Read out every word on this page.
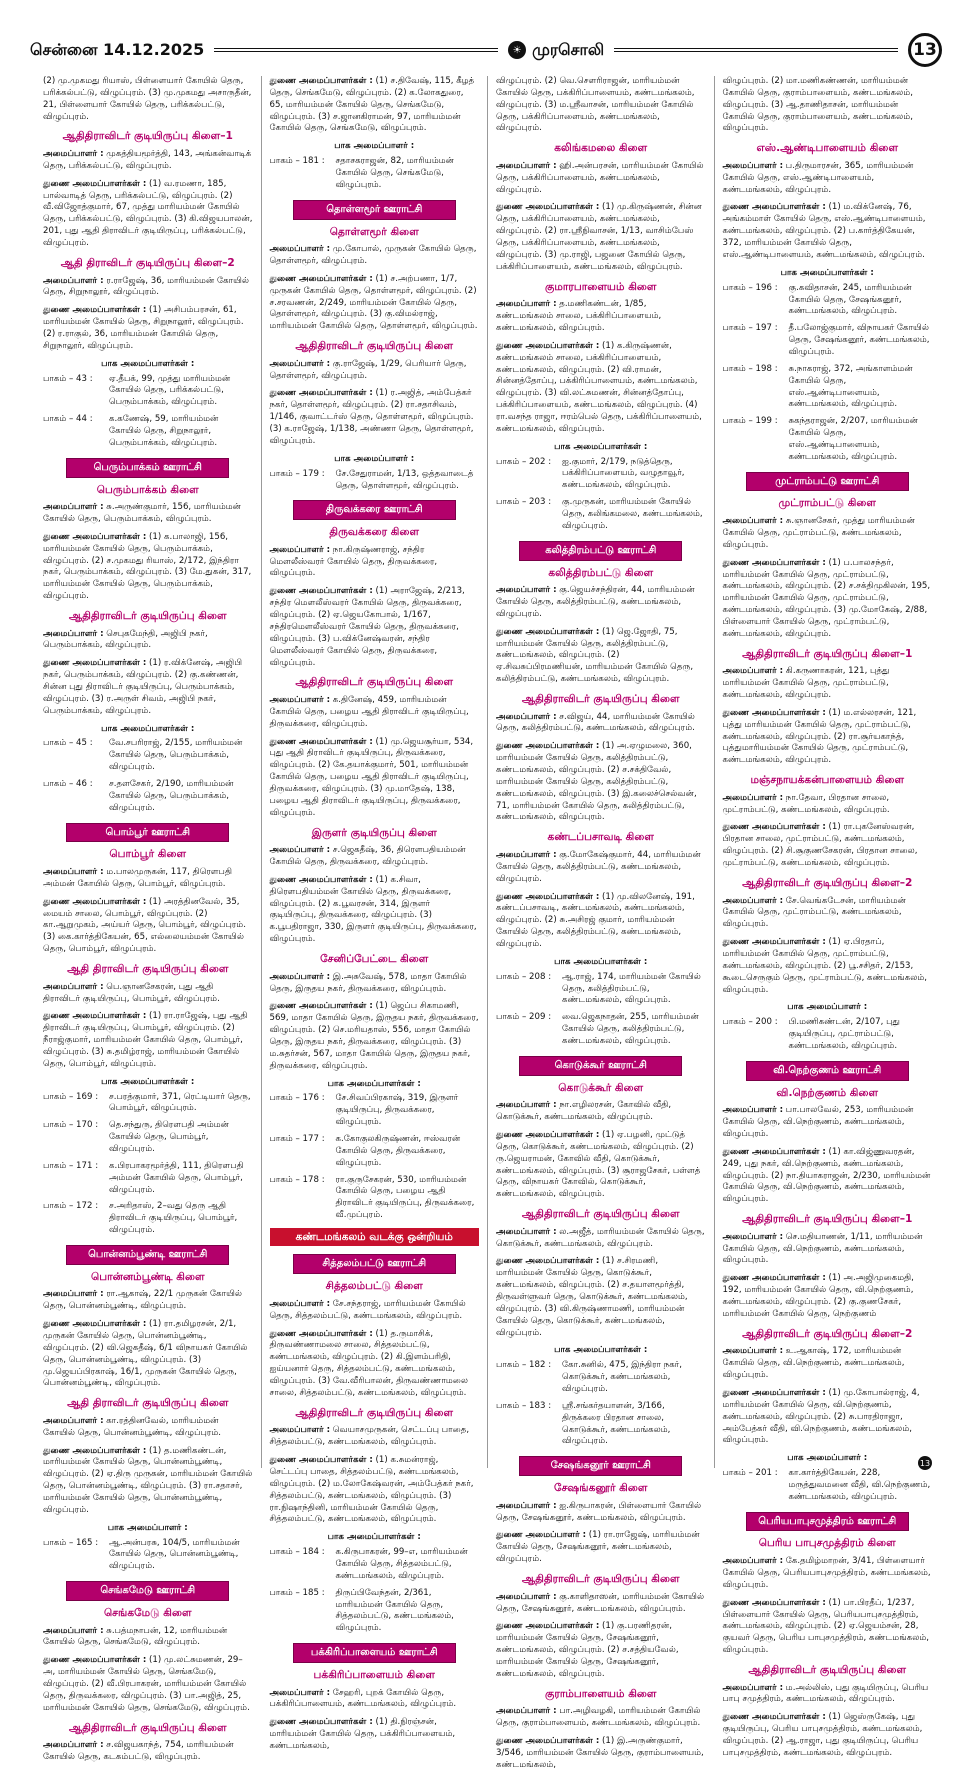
சென்னை 14.12.2025	☀ முரசொலி	13
(2) மு.முகமது ரியாஸ், பிள்ளையார் கோயில் தெரு, பரிக்கல்பட்டு, விழுப்புரம். (3) மு.முகமது அசாருதீன், 21, பிள்ளையார் கோயில் தெரு, பரிக்கல்பட்டு, விழுப்புரம்.
ஆதிதிராவிடர் குடியிருப்பு கிளை–1
அமைப்பாளர் : முகத்தியமூர்த்தி, 143, அங்கன்வாடிக் தெரு, பரிக்கல்பட்டு, விழுப்புரம்.
துணை அமைப்பாளர்கள் : (1) வ.ரமணா, 185, பால்வாடித் தெரு, பரிக்கல்பட்டு, விழுப்புரம். (2) வீ.விஜோத்குமார், 67, முத்து மாரியம்மன் கோயில் தெரு, பரிக்கல்பட்டு, விழுப்புரம். (3) கி.விஜயபாலன், 201, புது ஆதி திராவிடர் குடியிருப்பு, பரிக்கல்பட்டு, விழுப்புரம்.
ஆதி திராவிடர் குடியிருப்பு கிளை–2
அமைப்பாளர் : ர.ராஜேஷ், 36, மாரியம்மன் கோயில் தெரு, சிறுநாலூர், விழுப்புரம்.
துணை அமைப்பாளர்கள் : (1) அசிபம்பரசன், 61, மாரியம்மன் கோயில் தெரு, சிறுநாலூர், விழுப்புரம். (2) ர.ராகுல், 36, மாரியம்மன் கோயில் தெரு, சிறுநாலூர், விழுப்புரம்.
பாக அமைப்பாளர்கள் :
பாகம் – 43 :	ஏ.தீபக், 99, முத்து மாரியம்மன் கோயில் தெரு, பரிக்கல்பட்டு, பெரும்பாக்கம், விழுப்புரம்.
பாகம் – 44 :	க.கணேஷ், 59, மாரியம்மன் கோயில் தெரு, சிறுநாலூர், பெரும்பாக்கம், விழுப்புரம்.
பெரும்பாக்கம் ஊராட்சி
பெரும்பாக்கம் கிளை
அமைப்பாளர் : சு.அருண்குமார், 156, மாரியம்மன் கோயில் தெரு, பெரும்பாக்கம், விழுப்புரம்.
துணை அமைப்பாளர்கள் : (1) க.பாலாஜி, 156, மாரியம்மன் கோயில் தெரு, பெரும்பாக்கம், விழுப்புரம். (2) ச.முகமது ரியாஸ், 2/172, இந்திரா நகர், பெரும்பாக்கம், விழுப்புரம். (3) மே.துகன், 317, மாரியம்மன் கோயில் தெரு, பெரும்பாக்கம், விழுப்புரம்.
ஆதிதிராவிடர் குடியிருப்பு கிளை
அமைப்பாளர் : செபுகமேந்தி, அஜிபி நகர், பெரும்பாக்கம், விழுப்புரம்.
துணை அமைப்பாளர்கள் : (1) ர.விக்னேஷ், அஜிபி நகர், பெரும்பாக்கம், விழுப்புரம். (2) கு.கண்ணன், சின்ன புது திராவிடர் குடியிருப்பு, பெரும்பாக்கம், விழுப்புரம். (3) ர.அருள் சிவம், அஜிபி நகர், பெரும்பாக்கம், விழுப்புரம்.
பாக அமைப்பாளர்கள் :
பாகம் – 45 :	வே.சபரிராஜ், 2/155, மாரியம்மன் கோயில் தெரு, பெரும்பாக்கம், விழுப்புரம்.
பாகம் – 46 :	ச.தளசேகர், 2/190, மாரியம்மன் கோயில் தெரு, பெரும்பாக்கம், விழுப்புரம்.
பொம்பூர் ஊராட்சி
பொம்பூர் கிளை
அமைப்பாளர் : ம.பாலமுருகன், 117, திரௌபதி அம்மன் கோயில் தெரு, பொம்பூர், விழுப்புரம்.
துணை அமைப்பாளர்கள் : (1) அரத்தினவேல், 35, மையம் சாலை, பொம்பூர், விழுப்புரம். (2) கா.ஆறுமுகம், அய்யர் தெரு, பொம்பூர், விழுப்புரம். (3) கை.கார்த்திகேயன், 65, எல்லையம்மன் கோயில் தெரு, பொம்பூர், விழுப்புரம்.
ஆதி திராவிடர் குடியிருப்பு கிளை
அமைப்பாளர் : பெ.ஞானசேகரன், புது ஆதி திராவிடர் குடியிருப்பு, பொம்பூர், விழுப்புரம்.
துணை அமைப்பாளர்கள் : (1) ரா.ராஜேஷ், புது ஆதி திராவிடர் குடியிருப்பு, பொம்பூர், விழுப்புரம். (2) நீராஜ்குமார், மாரியம்மன் கோயில் தெரு, பொம்பூர், விழுப்புரம். (3) சு.தமிழ்ராஜ், மாரியம்மன் கோயில் தெரு, பொம்பூர், விழுப்புரம்.
பாக அமைப்பாளர்கள் :
பாகம் – 169 :	ச.பரத்குமார், 371, ரெட்டியார் தெரு, பொம்பூர், விழுப்புரம்.
பாகம் – 170 :	தெ.சந்துரு, திரௌபதி அம்மன் கோயில் தெரு, பொம்பூர், விழுப்புரம்.
பாகம் – 171 :	க.பிரபாகரமூர்த்தி, 111, திரௌபதி அம்மன் கோயில் தெரு, பொம்பூர், விழுப்புரம்.
பாகம் – 172 :	ச.அரிதாஸ், 2–வது தெரு ஆதி திராவிடர் குடியிருப்பு, பொம்பூர், விழுப்புரம்.
பொன்னம்பூண்டி ஊராட்சி
பொன்னம்பூண்டி கிளை
அமைப்பாளர் : ரா.ஆகாஷ், 22/1 முருகன் கோயில் தெரு, பொன்னம்பூண்டி, விழுப்புரம்.
துணை அமைப்பாளர்கள் : (1) ரா.தமிழரசன், 2/1, முருகன் கோயில் தெரு, பொன்னம்பூண்டி, விழுப்புரம். (2) வி.ஜெகதீஷ், 6/1 விநாயகர் கோயில் தெரு, பொன்னம்பூண்டி, விழுப்புரம். (3) மு.ஜெயப்பிரகாஷ், 16/1, முருகன் கோயில் தெரு, பொன்னம்பூண்டி, விழுப்புரம்.
ஆதி திராவிடர் குடியிருப்பு கிளை
அமைப்பாளர் : கா.ரத்தினவேல், மாரியம்மன் கோயில் தெரு, பொன்னம்பூண்டி, விழுப்புரம்.
துணை அமைப்பாளர்கள் : (1) த.மணிகண்டன், மாரியம்மன் கோயில் தெரு, பொன்னம்பூண்டி, விழுப்புரம். (2) ஏ.திரு முருகன், மாரியம்மன் கோயில் தெரு, பொன்னம்பூண்டி, விழுப்புரம். (3) ரா.சதாசர், மாரியம்மன் கோயில் தெரு, பொன்னம்பூண்டி, விழுப்புரம்.
பாக அமைப்பாளர் :
பாகம் – 165 :	ஆ.அன்பரசு, 104/5, மாரியம்மன் கோயில் தெரு, பொன்னம்பூண்டி, விழுப்புரம்.
செங்கமேடு ஊராட்சி
செங்கமேடு கிளை
அமைப்பாளர் : சு.பத்மநாபன், 12, மாரியம்மன் கோயில் தெரு, செங்கமேடு, விழுப்புரம்.
துணை அமைப்பாளர்கள் : (1) மு.லட்சுமணன், 29–அ, மாரியம்மன் கோயில் தெரு, செங்கமேடு, விழுப்புரம். (2) வீ.பிரபாகரன், மாரியம்மன் கோயில் தெரு, திருவக்கரை, விழுப்புரம். (3) பா.அஜித், 25, மாரியம்மன் கோயில் தெரு, செங்கமேடு, விழுப்புரம்.
ஆதிதிராவிடர் குடியிருப்பு கிளை
அமைப்பாளர் : ச.விஜயகாந்த், 754, மாரியம்மன் கோயில் தெரு, கடகம்பட்டு, விழுப்புரம்.
துணை அமைப்பாளர்கள் : (1) ச.திவேஷ், 115, கீழத் தெரு, செங்கமேடு, விழுப்புரம். (2) க.லோகதுரை, 65, மாரியம்மன் கோயில் தெரு, செங்கமேடு, விழுப்புரம். (3) ச.ஜானகிராமன், 97, மாரியம்மன் கோயில் தெரு, செங்கமேடு, விழுப்புரம்.
பாக அமைப்பாளர் :
பாகம் – 181 :	சதாசகராஜன், 82, மாரியம்மன் கோயில் தெரு, செங்கமேடு, விழுப்புரம்.
தொள்ளமூர் ஊராட்சி
தொள்ளமூர் கிளை
அமைப்பாளர் : மு.கோபால், முருகன் கோயில் தெரு, தொள்ளமூர், விழுப்புரம்.
துணை அமைப்பாளர்கள் : (1) ச.அற்பணா, 1/7, முருகன் கோயில் தெரு, தொள்ளமூர், விழுப்புரம். (2) ச.சரவணன், 2/249, மாரியம்மன் கோயில் தெரு, தொள்ளமூர், விழுப்புரம். (3) கு.விமல்ராஜ், மாரியம்மன் கோயில் தெரு, தொள்ளமூர், விழுப்புரம்.
ஆதிதிராவிடர் குடியிருப்பு கிளை
அமைப்பாளர் : கு.ராஜேஷ், 1/29, பெரியார் தெரு, தொள்ளமூர், விழுப்புரம்.
துணை அமைப்பாளர்கள் : (1) ர.அஜித், அம்பேத்கர் நகர், தொள்ளமூர், விழுப்புரம். (2) ரா.சதாசிவம், 1/146, குவாட்டர்ஸ் தெரு, தொள்ளமூர், விழுப்புரம். (3) க.ராஜேஷ், 1/138, அண்ணா தெரு, தொள்ளமூர், விழுப்புரம்.
பாக அமைப்பாளர் :
பாகம் – 179 :	சே.சேதுராமன், 1/13, ஒத்தவாடைத் தெரு, தொள்ளமூர், விழுப்புரம்.
திருவக்கரை ஊராட்சி
திருவக்கரை கிளை
அமைப்பாளர் : நா.கிருஷ்ணராஜ், சந்திர மௌலீஸ்வரர் கோயில் தெரு, திருவக்கரை, விழுப்புரம்.
துணை அமைப்பாளர்கள் : (1) அராஜேஷ், 2/213, சந்திர மௌலீஸ்வரர் கோயில் தெரு, திருவக்கரை, விழுப்புரம். (2) ஏ.ஜெயகோபால், 1/167, சந்திரமௌலீஸ்வரர் கோயில் தெரு, திருவக்கரை, விழுப்புரம். (3) ப.விக்னேஷ்வரன், சந்திர மௌலீஸ்வரர் கோயில் தெரு, திருவக்கரை, விழுப்புரம்.
ஆதிதிராவிடர் குடியிருப்பு கிளை
அமைப்பாளர் : க.தினேஷ், 459, மாரியம்மன் கோயில் தெரு, பழைய ஆதி திராவிடர் குடியிருப்பு, திருவக்கரை, விழுப்புரம்.
துணை அமைப்பாளர்கள் : (1) மு.ஜெயசூர்யா, 534, புது ஆதி திராவிடர் குடியிருப்பு, திருவக்கரை, விழுப்புரம். (2) கே.தயாக்குமார், 501, மாரியம்மன் கோயில் தெரு, பழைய ஆதி திராவிடர் குடியிருப்பு, திருவக்கரை, விழுப்புரம். (3) மு.மாதேஷ், 138, பழைய ஆதி திராவிடர் குடியிருப்பு, திருவக்கரை, விழுப்புரம்.
இருளர் குடியிருப்பு கிளை
அமைப்பாளர் : ச.ஜெகதீஷ், 36, திரௌபதியம்மன் கோயில் தெரு, திருவக்கரை, விழுப்புரம்.
துணை அமைப்பாளர்கள் : (1) க.சிவா, திரௌபதியம்மன் கோயில் தெரு, திருவக்கரை, விழுப்புரம். (2) க.பூவரசன், 314, இருளர் குடியிருப்பு, திருவக்கரை, விழுப்புரம். (3) க.பூபதிராஜா, 330, இருளர் குடியிருப்பு, திருவக்கரை, விழுப்புரம்.
சேனிப்பேட்டை கிளை
அமைப்பாளர் : இ.அசுவேஷ், 578, மாதா கோயில் தெரு, இருதய நகர், திருவக்கரை, விழுப்புரம்.
துணை அமைப்பாளர்கள் : (1) ஜெப்ப சிகாமணி, 569, மாதா கோயில் தெரு, இருதய நகர், திருவக்கரை, விழுப்புரம். (2) செ.மரியதாஸ், 556, மாதா கோயில் தெரு, இருதய நகர், திருவக்கரை, விழுப்புரம். (3) ம.சுதர்சன், 567, மாதா கோயில் தெரு, இருதய நகர், திருவக்கரை, விழுப்புரம்.
பாக அமைப்பாளர்கள் :
பாகம் – 176 :	சே.சிவப்பிரகாஷ், 319, இருளர் குடியிருப்பு, திருவக்கரை, விழுப்புரம்.
பாகம் – 177 :	க.கோகுலகிருஷ்ணன், ஈஸ்வரன் கோயில் தெரு, திருவக்கரை, விழுப்புரம்.
பாகம் – 178 :	ரா.குருசேகரன், 530, மாரியம்மன் கோயில் தெரு, பழைய ஆதி திராவிடர் குடியிருப்பு, திருவக்கரை, வீ.முப்புரம்.
கண்டமங்கலம் வடக்கு ஒன்றியம்
சித்தலம்பட்டு ஊராட்சி
சித்தலம்பட்டு கிளை
அமைப்பாளர் : சே.சந்தராஜ், மாரியம்மன் கோயில் தெரு, சித்தலம்பட்டு, கண்டமங்கலம், விழுப்புரம்.
துணை அமைப்பாளர்கள் : (1) த.ருமாசிக், திருவண்ணாமலை சாலை, சித்தலம்பட்டு, கண்டமங்கலம், விழுப்புரம். (2) கி.இளம்பரிதி, ஐய்யனார் தெரு, சித்தலம்பட்டு, கண்டமங்கலம், விழுப்புரம். (3) வே.வீரிபாலன், திருவண்ணாமலை சாலை, சித்தலம்பட்டு, கண்டமங்கலம், விழுப்புரம்.
ஆதிதிராவிடர் குடியிருப்பு கிளை
அமைப்பாளர் : வெயாசமுருகன், செட்டப்பு பாதை, சித்தலம்பட்டு, கண்டமங்கலம், விழுப்புரம்.
துணை அமைப்பாளர்கள் : (1) க.சுமன்ராஜ், செட்டப்பு பாதை, சித்தலம்பட்டு, கண்டமங்கலம், விழுப்புரம். (2) ம.லோகேஷ்வரன், அம்பேத்கர் நகர், சித்தலம்பட்டு, கண்டமங்கலம், விழுப்புரம். (3) ரா.நிஷாந்தினி, மாரியம்மன் கோயில் தெரு, சித்தலம்பட்டு, கண்டமங்கலம், விழுப்புரம்.
பாக அமைப்பாளர்கள் :
பாகம் – 184 :	க.கிருபாகரன், 99–எ, மாரியம்மன் கோயில் தெரு, சித்தலம்பட்டு, கண்டமங்கலம், விழுப்புரம்.
பாகம் – 185 :	திருப்பிவேந்தன், 2/361, மாரியம்மன் கோயில் தெரு, சித்தலம்பட்டு, கண்டமங்கலம், விழுப்புரம்.
பக்கிரிப்பாளையம் ஊராட்சி
பக்கிரிப்பாளையம் கிளை
அமைப்பாளர் : சேஹரி, புறக் கோயில் தெரு, பக்கிரிப்பாளையம், கண்டமங்கலம், விழுப்புரம்.
துணை அமைப்பாளர்கள் : (1) தி.நிரஞ்சன், மாரியம்மன் கோயில் தெரு, பக்கிரிப்பாளையம், கண்டமங்கலம்,
விழுப்புரம். (2) வெ.செளரிராஜன், மாரியம்மன் கோயில் தெரு, பக்கிரிப்பாளையம், கண்டமங்கலம், விழுப்புரம். (3) ம.ஸ்ரீவாசன், மாரியம்மன் கோயில் தெரு, பக்கிரிப்பாளையம், கண்டமங்கலம், விழுப்புரம்.
கலிங்கமலை கிளை
அமைப்பாளர் : ஹி.அன்பரசன், மாரியம்மன் கோயில் தெரு, பக்கிரிப்பாளையம், கண்டமங்கலம், விழுப்புரம்.
துணை அமைப்பாளர்கள் : (1) மு.கிருஷ்ணன், சின்ன தெரு, பக்கிரிப்பாளையம், கண்டமங்கலம், விழுப்புரம். (2) ரா.ஸ்ரீநிவாசன், 1/13, வாசிம்பேஸ் தெரு, பக்கிரிப்பாளையம், கண்டமங்கலம், விழுப்புரம். (3) மு.ராஜி, பஜனை கோயில் தெரு, பக்கிரிப்பாளையம், கண்டமங்கலம், விழுப்புரம்.
குமாரபாளையம் கிளை
அமைப்பாளர் : த.மணிகண்டன், 1/85, கண்டமங்கலம் சாலை, பக்கிரிப்பாளையம், கண்டமங்கலம், விழுப்புரம்.
துணை அமைப்பாளர்கள் : (1) க.கிருஷ்ணன், கண்டமங்கலம் சாலை, பக்கிரிப்பாளையம், கண்டமங்கலம், விழுப்புரம். (2) வி.ராமன், சின்னத்தோப்பு, பக்கிரிப்பாளையம், கண்டமங்கலம், விழுப்புரம். (3) வி.லட்சுமணன், சின்னத்தோப்பு, பக்கிரிப்பாளையம், கண்டமங்கலம், விழுப்புரம். (4) ரா.வசந்த ராஜா, ஈரம்பெல் தெரு, பக்கிரிப்பாளையம், கண்டமங்கலம், விழுப்புரம்.
பாக அமைப்பாளர்கள் :
பாகம் – 202 :	ஐ.குமார், 2/179, நடுத்தெரு, பக்கிரிப்பாளையம், வழுதாவூர், கண்டமங்கலம், விழுப்புரம்.
பாகம் – 203 :	கு.முருகன், மாரியம்மன் கோயில் தெரு, கலிங்கமலை, கண்டமங்கலம், விழுப்புரம்.
கலித்திரம்பட்டு ஊராட்சி
கலித்திரம்பட்டு கிளை
அமைப்பாளர் : கு.ஜெயச்சந்திரன், 44, மாரியம்மன் கோயில் தெரு, கலித்திரம்பட்டு, கண்டமங்கலம், விழுப்புரம்.
துணை அமைப்பாளர்கள் : (1) ஜெ.ஜோதி, 75, மாரியம்மன் கோயில் தெரு, கலித்திரம்பட்டு, கண்டமங்கலம், விழுப்புரம். (2) ஏ.சிவசுப்பிரமணியன், மாரியம்மன் கோயில் தெரு, கலித்திரம்பட்டு, கண்டமங்கலம், விழுப்புரம்.
ஆதிதிராவிடர் குடியிருப்பு கிளை
அமைப்பாளர் : ச.விஜய், 44, மாரியம்மன் கோயில் தெரு, கலித்திரம்பட்டு, கண்டமங்கலம், விழுப்புரம்.
துணை அமைப்பாளர்கள் : (1) அ.ஏழுமலை, 360, மாரியம்மன் கோயில் தெரு, கலித்திரம்பட்டு, கண்டமங்கலம், விழுப்புரம். (2) ச.சக்திவேல், மாரியம்மன் கோயில் தெரு, கலித்திரம்பட்டு, கண்டமங்கலம், விழுப்புரம். (3) இ.கலைச்செல்வன், 71, மாரியம்மன் கோயில் தெரு, கலித்திரம்பட்டு, கண்டமங்கலம், விழுப்புரம்.
கண்டப்பசாவடி கிளை
அமைப்பாளர் : கு.மோகேஷ்குமார், 44, மாரியம்மன் கோயில் தெரு, கலித்திரம்பட்டு, கண்டமங்கலம், விழுப்புரம்.
துணை அமைப்பாளர்கள் : (1) மு.விலனேஷ், 191, கண்டப்பசாவடி, கண்டமங்கலம், கண்டமங்கலம், விழுப்புரம். (2) சு.அசிரஜ் குமார், மாரியம்மன் கோயில் தெரு, கலித்திரம்பட்டு, கண்டமங்கலம், விழுப்புரம்.
பாக அமைப்பாளர்கள் :
பாகம் – 208 :	ஆ.ராஜ், 174, மாரியம்மன் கோயில் தெரு, கலித்திரம்பட்டு, கண்டமங்கலம், விழுப்புரம்.
பாகம் – 209 :	வை.ஜெகநாதன், 255, மாரியம்மன் கோயில் தெரு, கலித்திரம்பட்டு, கண்டமங்கலம், விழுப்புரம்.
கொடுக்கூர் ஊராட்சி
கொடுக்கூர் கிளை
அமைப்பாளர் : நா.எழிலரசன், கோவில் வீதி, கொடுக்கூர், கண்டமங்கலம், விழுப்புரம்.
துணை அமைப்பாளர்கள் : (1) ஏ.பழனி, முட்டுத் தெரு, கொடுக்கூர், கண்டமங்கலம், விழுப்புரம். (2) ரு.ஜெயராமன், கோவில் வீதி, கொடுக்கூர், கண்டமங்கலம், விழுப்புரம். (3) சூராஜசேகர், பள்ளத் தெரு, விநாயகர் கோவில், கொடுக்கூர், கண்டமங்கலம், விழுப்புரம்.
ஆதிதிராவிடர் குடியிருப்பு கிளை
அமைப்பாளர் : ல.அஜீத், மாரியம்மன் கோயில் தெரு, கொடுக்கூர், கண்டமங்கலம், விழுப்புரம்.
துணை அமைப்பாளர்கள் : (1) ச.சிரமணி, மாரியம்மன் கோயில் தெரு, கொடுக்கூர், கண்டமங்கலம், விழுப்புரம். (2) ச.தயாளமூர்த்தி, திருவள்ளுவர் தெரு, கொடுக்கூர், கண்டமங்கலம், விழுப்புரம். (3) வி.கிருஷ்ணாமணி, மாரியம்மன் கோயில் தெரு, கொடுக்கூர், கண்டமங்கலம், விழுப்புரம்.
பாக அமைப்பாளர்கள் :
பாகம் – 182 :	கோ.சுனில், 475, இந்திரா நகர், கொடுக்கூர், கண்டமங்கலம், விழுப்புரம்.
பாகம் – 183 :	ஸ்ரீ.சங்கர்தயாளன், 3/166, திருக்கரை பிரதான சாலை, கொடுக்கூர், கண்டமங்கலம், விழுப்புரம்.
சேஷங்கனூர் ஊராட்சி
சேஷங்கனூர் கிளை
அமைப்பாளர் : ஐ.கிருபாகரன், பிள்ளையார் கோயில் தெரு, சேஷங்கனூர், கண்டமங்கலம், விழுப்புரம்.
துணை அமைப்பாளர் : (1) ரா.ராஜேஷ், மாரியம்மன் கோயில் தெரு, சேஷங்கனூர், கண்டமங்கலம், விழுப்புரம்.
ஆதிதிராவிடர் குடியிருப்பு கிளை
அமைப்பாளர் : கு.காளிதாஸன், மாரியம்மன் கோயில் தெரு, சேஷங்கனூர், கண்டமங்கலம், விழுப்புரம்.
துணை அமைப்பாளர்கள் : (1) கு.பரணிதரன், மாரியம்மன் கோயில் தெரு, சேஷங்கனூர், கண்டமங்கலம், விழுப்புரம். (2) ச.சத்தியவேல், மாரியம்மன் கோயில் தெரு, சேஷங்கனூர், கண்டமங்கலம், விழுப்புரம்.
குராம்பாளையம் கிளை
அமைப்பாளர் : பா.அழிவழகி, மாரியம்மன் கோயில் தெரு, குராம்பாளையம், கண்டமங்கலம், விழுப்புரம்.
துணை அமைப்பாளர்கள் : (1) இ.அருண்குமார், 3/546, மாரியம்மன் கோயில் தெரு, குராம்பாளையம், கண்டமங்கலம்,
விழுப்புரம். (2) மா.மணிகண்ணன், மாரியம்மன் கோயில் தெரு, குராம்பாளையம், கண்டமங்கலம், விழுப்புரம். (3) ஆ.தாணிதாசன், மாரியம்மன் கோயில் தெரு, குராம்பாளையம், கண்டமங்கலம், விழுப்புரம்.
எஸ்.ஆண்டிபாளையம் கிளை
அமைப்பாளர் : ப.திருமாரசன், 365, மாரியம்மன் கோயில் தெரு, எஸ்.ஆண்டிபாளையம், கண்டமங்கலம், விழுப்புரம்.
துணை அமைப்பாளர்கள் : (1) ம.விக்னேஷ், 76, அங்கம்மாள் கோயில் தெரு, எஸ்.ஆண்டிபாளையம், கண்டமங்கலம், விழுப்புரம். (2) ப.கார்த்திகேயன், 372, மாரியம்மன் கோயில் தெரு, எஸ்.ஆண்டிபாளையம், கண்டமங்கலம், விழுப்புரம்.
பாக அமைப்பாளர்கள் :
பாகம் – 196 :	கு.கவிதாசன், 245, மாரியம்மன் கோயில் தெரு, சேஷங்கனூர், கண்டமங்கலம், விழுப்புரம்.
பாகம் – 197 :	தீ.பலோஜ்குமார், விநாயகர் கோயில் தெரு, சேஷங்கனூர், கண்டமங்கலம், விழுப்புரம்.
பாகம் – 198 :	சு.நாகராஜ், 372, அங்காளம்மன் கோயில் தெரு, எஸ்.ஆண்டிபாளையம், கண்டமங்கலம், விழுப்புரம்.
பாகம் – 199 :	சுகந்தராஜன், 2/207, மாரியம்மன் கோயில் தெரு, எஸ்.ஆண்டிபாளையம், கண்டமங்கலம், விழுப்புரம்.
முட்ராம்பட்டு ஊராட்சி
முட்ராம்பட்டு கிளை
அமைப்பாளர் : சு.ஞானசேகர், முத்து மாரியம்மன் கோயில் தெரு, முட்ராம்பட்டு, கண்டமங்கலம், விழுப்புரம்.
துணை அமைப்பாளர்கள் : (1) ப.பாலசந்தர், மாரியம்மன் கோயில் தெரு, முட்ராம்பட்டு, கண்டமங்கலம், விழுப்புரம். (2) ச.சக்திமுகிலன், 195, மாரியம்மன் கோயில் தெரு, முட்ராம்பட்டு, கண்டமங்கலம், விழுப்புரம். (3) மு.மோகேஷ், 2/88, பிள்ளையார் கோயில் தெரு, முட்ராம்பட்டு, கண்டமங்கலம், விழுப்புரம்.
ஆதிதிராவிடர் குடியிருப்பு கிளை–1
அமைப்பாளர் : கி.கருணாகரன், 121, புத்து மாரியம்மன் கோயில் தெரு, முட்ராம்பட்டு, கண்டமங்கலம், விழுப்புரம்.
துணை அமைப்பாளர்கள் : (1) ம.எல்லரசன், 121, புத்து மாரியம்மன் கோயில் தெரு, முட்ராம்பட்டு, கண்டமங்கலம், விழுப்புரம். (2) ரா.சூர்யகாந்த், புத்துமாரியம்மன் கோயில் தெரு, முட்ராம்பட்டு, கண்டமங்கலம், விழுப்புரம்.
மஞ்சநாயக்கன்பாளையம் கிளை
அமைப்பாளர் : நா.தேவா, பிரதான சாலை, முட்ராம்பட்டு, கண்டமங்கலம், விழுப்புரம்.
துணை அமைப்பாளர்கள் : (1) ரா.புகனேஸ்வரன், பிரதான சாலை, முட்ராம்பட்டு, கண்டமங்கலம், விழுப்புரம். (2) சி.சூகுணசேகரன், பிரதான சாலை, முட்ராம்பட்டு, கண்டமங்கலம், விழுப்புரம்.
ஆதிதிராவிடர் குடியிருப்பு கிளை–2
அமைப்பாளர் : சே.வெங்கடேசன், மாரியம்மன் கோயில் தெரு, முட்ராம்பட்டு, கண்டமங்கலம், விழுப்புரம்.
துணை அமைப்பாளர்கள் : (1) ஏ.பிரதாப், மாரியம்மன் கோயில் தெரு, முட்ராம்பட்டு, கண்டமங்கலம், விழுப்புரம். (2) பூ.சசிதர், 2/153, கூடைசெருகும் தெரு, முட்ராம்பட்டு, கண்டமங்கலம், விழுப்புரம்.
பாக அமைப்பாளர் :
பாகம் – 200 :	பி.மணிகண்டன், 2/107, புது குடியிருப்பு, முட்ராம்பட்டு, கண்டமங்கலம், விழுப்புரம்.
வி.நெற்குணம் ஊராட்சி
வி.நெற்குணம் கிளை
அமைப்பாளர் : பா.பாலவேல், 253, மாரியம்மன் கோயில் தெரு, வி.நெற்குணம், கண்டமங்கலம், விழுப்புரம்.
துணை அமைப்பாளர்கள் : (1) கா.விஜ்ணுவரதன், 249, புது நகர், வி.நெற்குணம், கண்டமங்கலம், விழுப்புரம். (2) நா.தியாகராஜன், 2/230, மாரியம்மன் கோயில் தெரு, வி.நெற்குணம், கண்டமங்கலம், விழுப்புரம்.
ஆதிதிராவிடர் குடியிருப்பு கிளை–1
அமைப்பாளர் : செ.மதியாணன், 1/11, மாரியம்மன் கோயில் தெரு, வி.நெற்குணம், கண்டமங்கலம், விழுப்புரம்.
துணை அமைப்பாளர்கள் : (1) அ.அஜிமுகைமதி, 192, மாரியம்மன் கோயில் தெரு, வி.நெற்குணம், கண்டமங்கலம், விழுப்புரம். (2) கு.குணசேகர், மாரியம்மன் கோயில் தெரு, நெற்குணம்
ஆதிதிராவிடர் குடியிருப்பு கிளை–2
அமைப்பாளர் : உ.ஆகாஷ், 172, மாரியம்மன் கோயில் தெரு, வி.நெற்குணம், கண்டமங்கலம், விழுப்புரம்.
துணை அமைப்பாளர்கள் : (1) மு.கோபால்ராஜ், 4, மாரியம்மன் கோயில் தெரு, வி.நெற்குணம், கண்டமங்கலம், விழுப்புரம். (2) சு.பாரதிராஜா, அம்பேத்கர் வீதி, வி.நெற்குணம், கண்டமங்கலம், விழுப்புரம்.
பாக அமைப்பாளர் :
பாகம் – 201 :	கா.கார்த்திகேயன், 228, மருத்துவமனை வீதி, வி.நெற்குணம், கண்டமங்கலம், விழுப்புரம்.
பெரியபாபுசமுத்திரம் ஊராட்சி
பெரிய பாபுசமுத்திரம் கிளை
அமைப்பாளர் : கே.தமிழ்மாறன், 3/41, பிள்ளையார் கோயில் தெரு, பெரியபாபுசமுத்திரம், கண்டமங்கலம், விழுப்புரம்.
துணை அமைப்பாளர்கள் : (1) பா.பிரதீப், 1/237, பிள்ளையார் கோயில் தெரு, பெரியபாபுசமுத்திரம், கண்டமங்கலம், விழுப்புரம். (2) ஏ.ஜெயம்சன், 28, குயவர் தெரு, பெரிய பாபுசமுத்திரம், கண்டமங்கலம், விழுப்புரம்.
ஆதிதிராவிடர் குடியிருப்பு கிளை
அமைப்பாளர் : ம.அல்லிஸ், புது குடியிருப்பு, பெரிய பாபு சமுத்திரம், கண்டமங்கலம், விழுப்புரம்.
துணை அமைப்பாளர்கள் : (1) ஜெஸ்ருகேஷ், புது குடியிருப்பு, பெரிய பாபுசமுத்திரம், கண்டமங்கலம், விழுப்புரம். (2) ஆ.ராஜா, புது குடியிருப்பு, பெரிய பாபுசமுத்திரம், கண்டமங்கலம், விழுப்புரம்.
13
